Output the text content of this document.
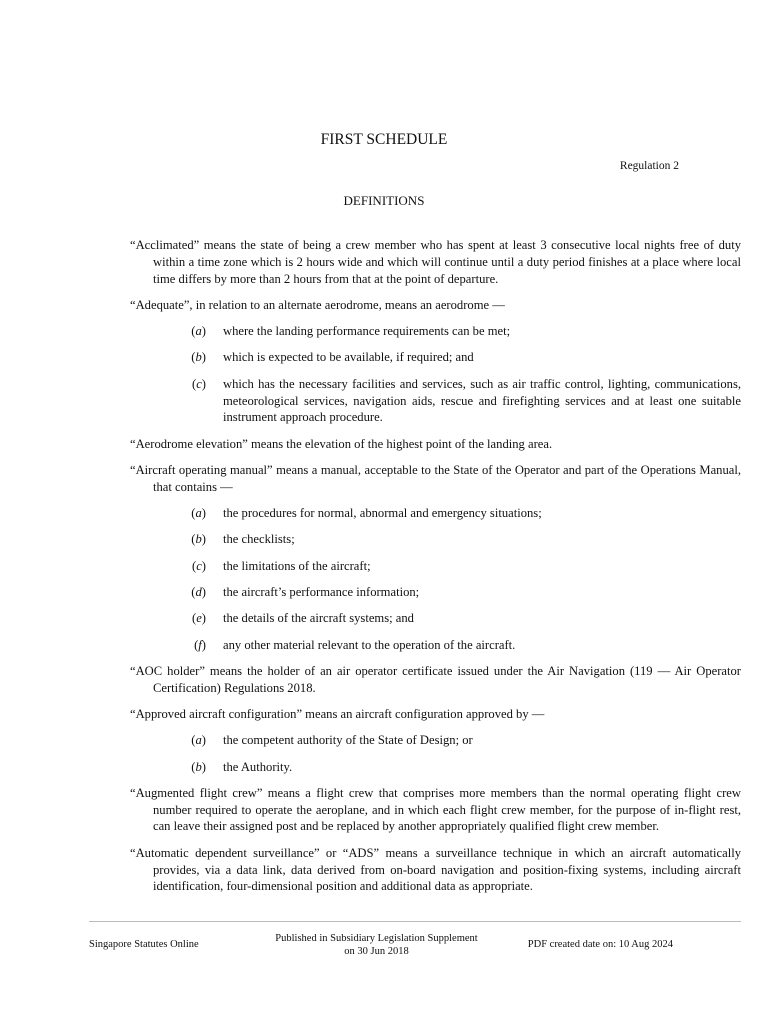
FIRST SCHEDULE
Regulation 2
DEFINITIONS

“Acclimated” means the state of being a crew member who has spent at least 3 consecutive local nights free of duty within a time zone which is 2 hours wide and which will continue until a duty period finishes at a place where local time differs by more than 2 hours from that at the point of departure.

“Adequate”, in relation to an alternate aerodrome, means an aerodrome —

(a)	where the landing performance requirements can be met;
(b)	which is expected to be available, if required; and
(c)	which has the necessary facilities and services, such as air traffic control, lighting, communications, meteorological services, navigation aids, rescue and firefighting services and at least one suitable instrument approach procedure.

“Aerodrome elevation” means the elevation of the highest point of the landing area.

“Aircraft operating manual” means a manual, acceptable to the State of the Operator and part of the Operations Manual, that contains —

(a)	the procedures for normal, abnormal and emergency situations;
(b)	the checklists;
(c)	the limitations of the aircraft;
(d)	the aircraft’s performance information;
(e)	the details of the aircraft systems; and
(f)	any other material relevant to the operation of the aircraft.

“AOC holder” means the holder of an air operator certificate issued under the Air Navigation (119 — Air Operator Certification) Regulations 2018.

“Approved aircraft configuration” means an aircraft configuration approved by —

(a)	the competent authority of the State of Design; or
(b)	the Authority.

“Augmented flight crew” means a flight crew that comprises more members than the normal operating flight crew number required to operate the aeroplane, and in which each flight crew member, for the purpose of in-flight rest, can leave their assigned post and be replaced by another appropriately qualified flight crew member.

“Automatic dependent surveillance” or “ADS” means a surveillance technique in which an aircraft automatically provides, via a data link, data derived from on-board navigation and position-fixing systems, including aircraft identification, four-dimensional position and additional data as appropriate.

Singapore Statutes Online
Published in Subsidiary Legislation Supplement
on 30 Jun 2018
PDF created date on: 10 Aug 2024
